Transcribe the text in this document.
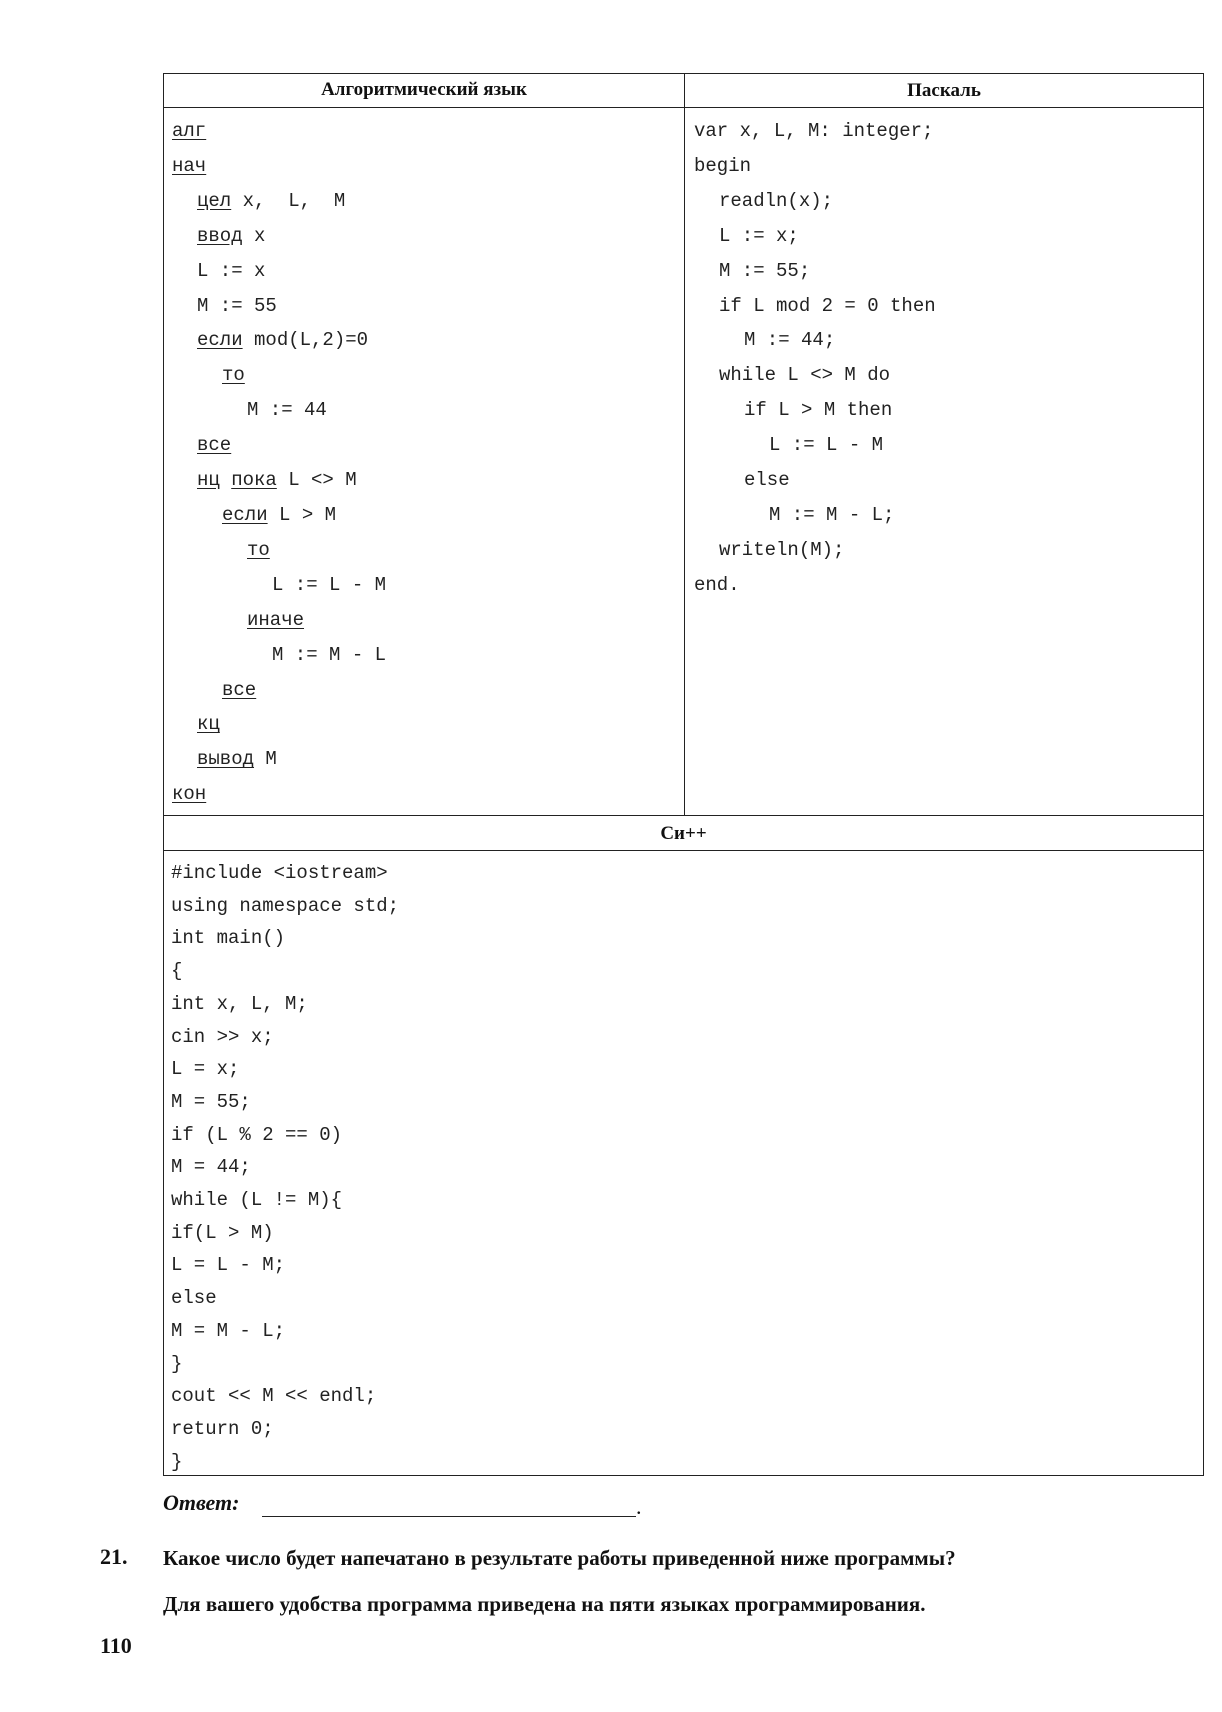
Алгоритмический язык	Паскаль
Си++
алг
нач
цел x,  L,  M
ввод x
L := x
M := 55
если mod(L,2)=0
то
M := 44
все
нц пока L <> M
если L > M
то
L := L - M
иначе
M := M - L
все
кц
вывод M
кон
var x, L, M: integer;
begin
readln(x);
L := x;
M := 55;
if L mod 2 = 0 then
M := 44;
while L <> M do
if L > M then
L := L - M
else
M := M - L;
writeln(M);
end.
#include <iostream>
using namespace std;
int main()
{
int x, L, M;
cin >> x;
L = x;
M = 55;
if (L % 2 == 0)
M = 44;
while (L != M){
if(L > M)
L = L - M;
else
M = M - L;
}
cout << M << endl;
return 0;
}
Ответ:	.
21. Какое число будет напечатано в результате работы приведенной ниже программы?
Для вашего удобства программа приведена на пяти языках программирования.
110
